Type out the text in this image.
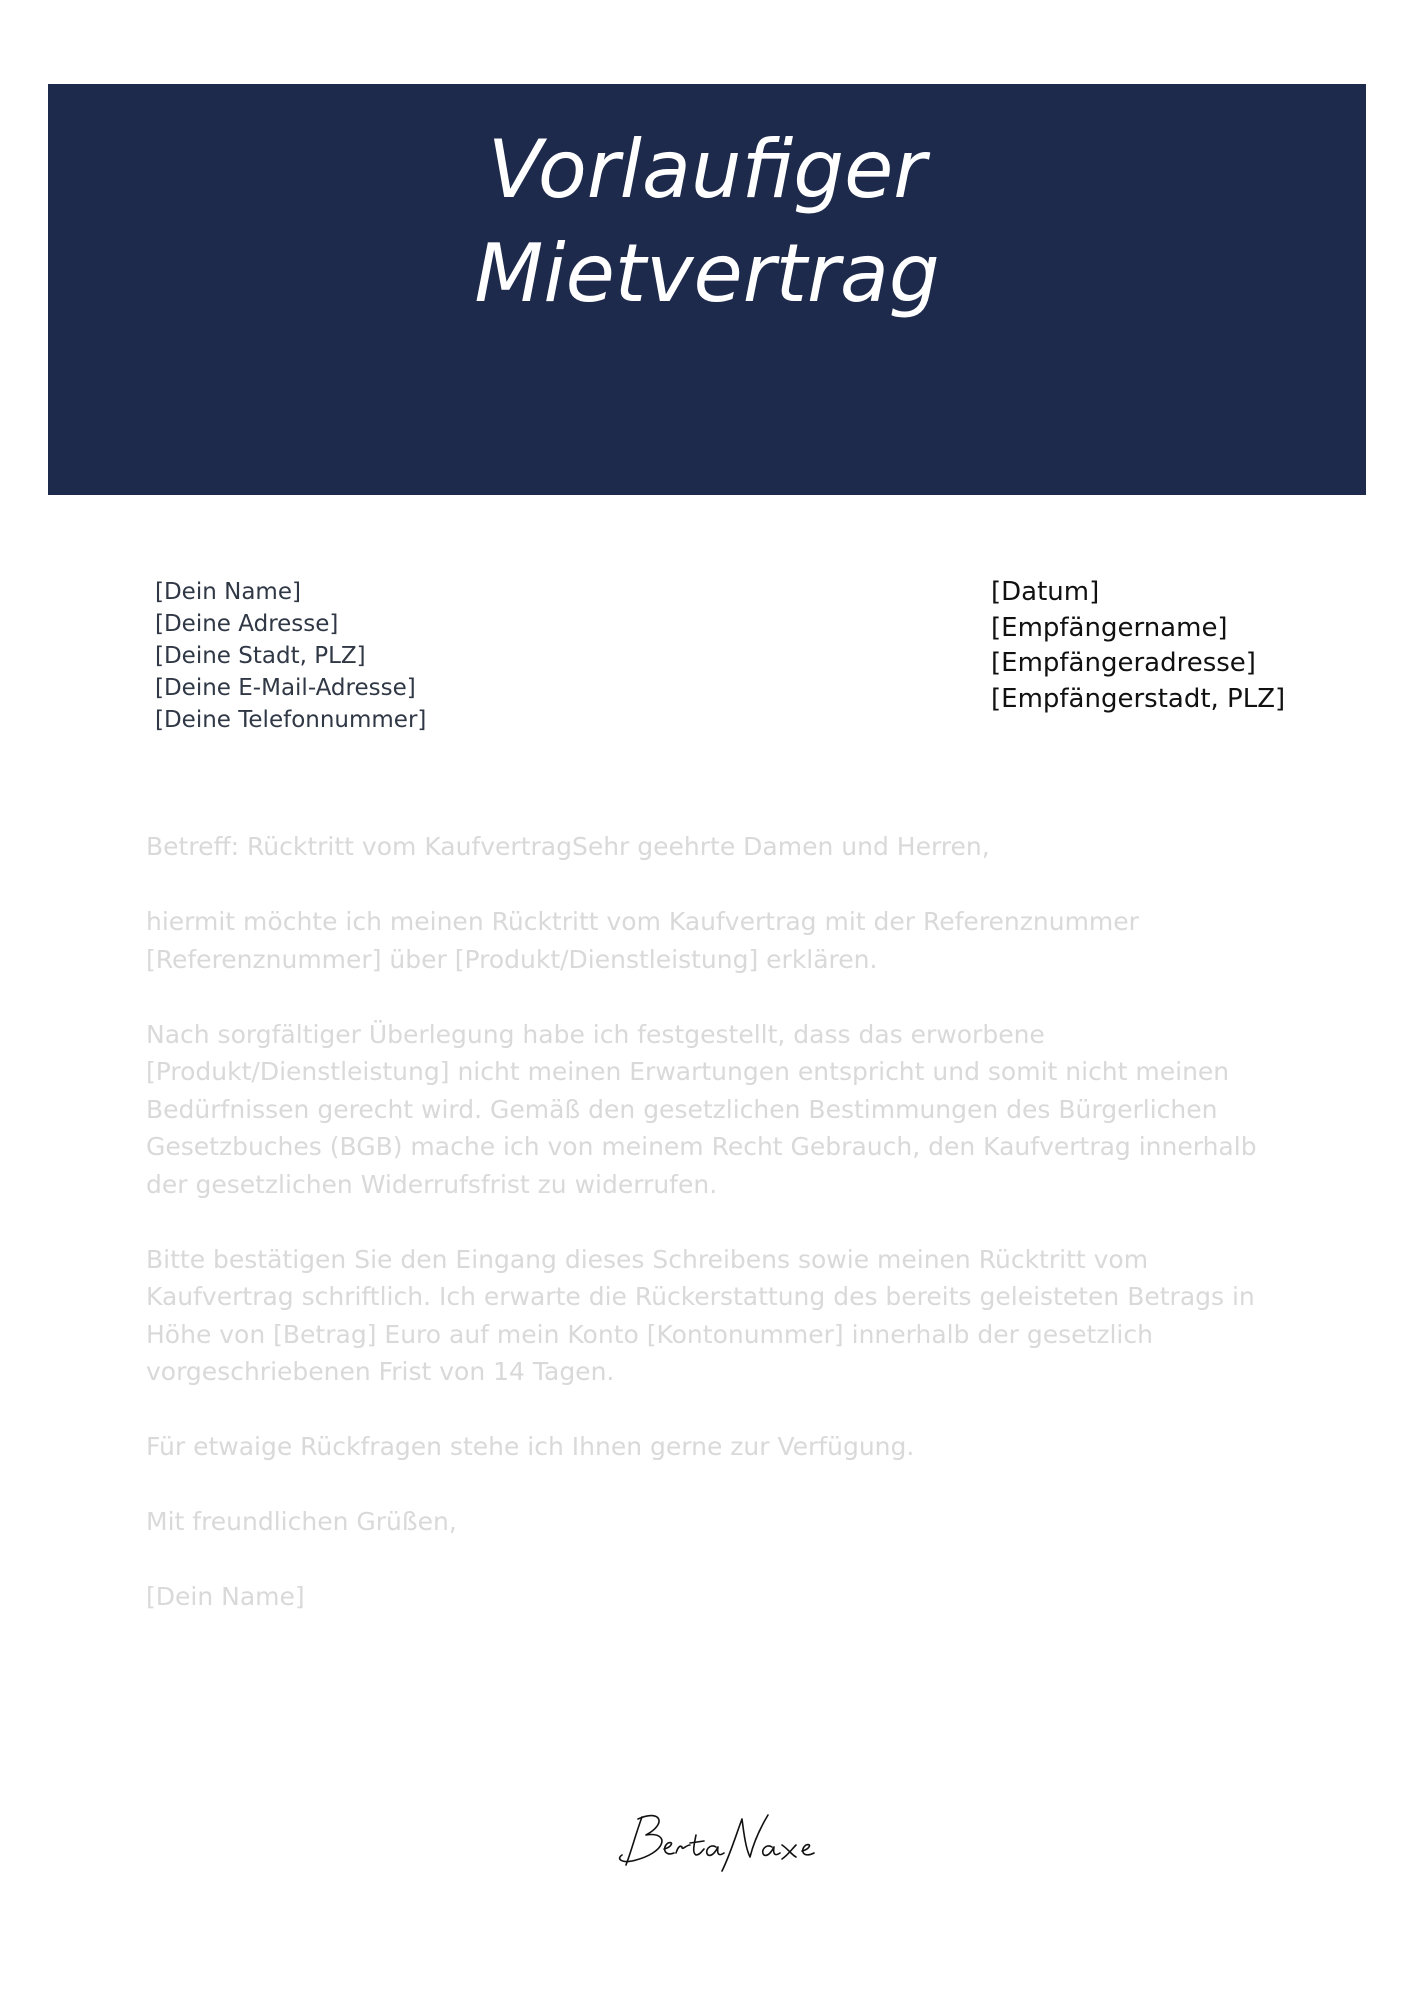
Vorlaufiger
Mietvertrag
[Dein Name]
[Deine Adresse]
[Deine Stadt, PLZ]
[Deine E-Mail-Adresse]
[Deine Telefonnummer]
[Datum]
[Empfängername]
[Empfängeradresse]
[Empfängerstadt, PLZ]

Betreff: Rücktritt vom KaufvertragSehr geehrte Damen und Herren,

hiermit möchte ich meinen Rücktritt vom Kaufvertrag mit der Referenznummer [Referenznummer] über [Produkt/Dienstleistung] erklären.

Nach sorgfältiger Überlegung habe ich festgestellt, dass das erworbene [Produkt/Dienstleistung] nicht meinen Erwartungen entspricht und somit nicht meinen Bedürfnissen gerecht wird. Gemäß den gesetzlichen Bestimmungen des Bürgerlichen Gesetzbuches (BGB) mache ich von meinem Recht Gebrauch, den Kaufvertrag innerhalb der gesetzlichen Widerrufsfrist zu widerrufen.

Bitte bestätigen Sie den Eingang dieses Schreibens sowie meinen Rücktritt vom Kaufvertrag schriftlich. Ich erwarte die Rückerstattung des bereits geleisteten Betrags in Höhe von [Betrag] Euro auf mein Konto [Kontonummer] innerhalb der gesetzlich vorgeschriebenen Frist von 14 Tagen.

Für etwaige Rückfragen stehe ich Ihnen gerne zur Verfügung.

Mit freundlichen Grüßen,

[Dein Name]
